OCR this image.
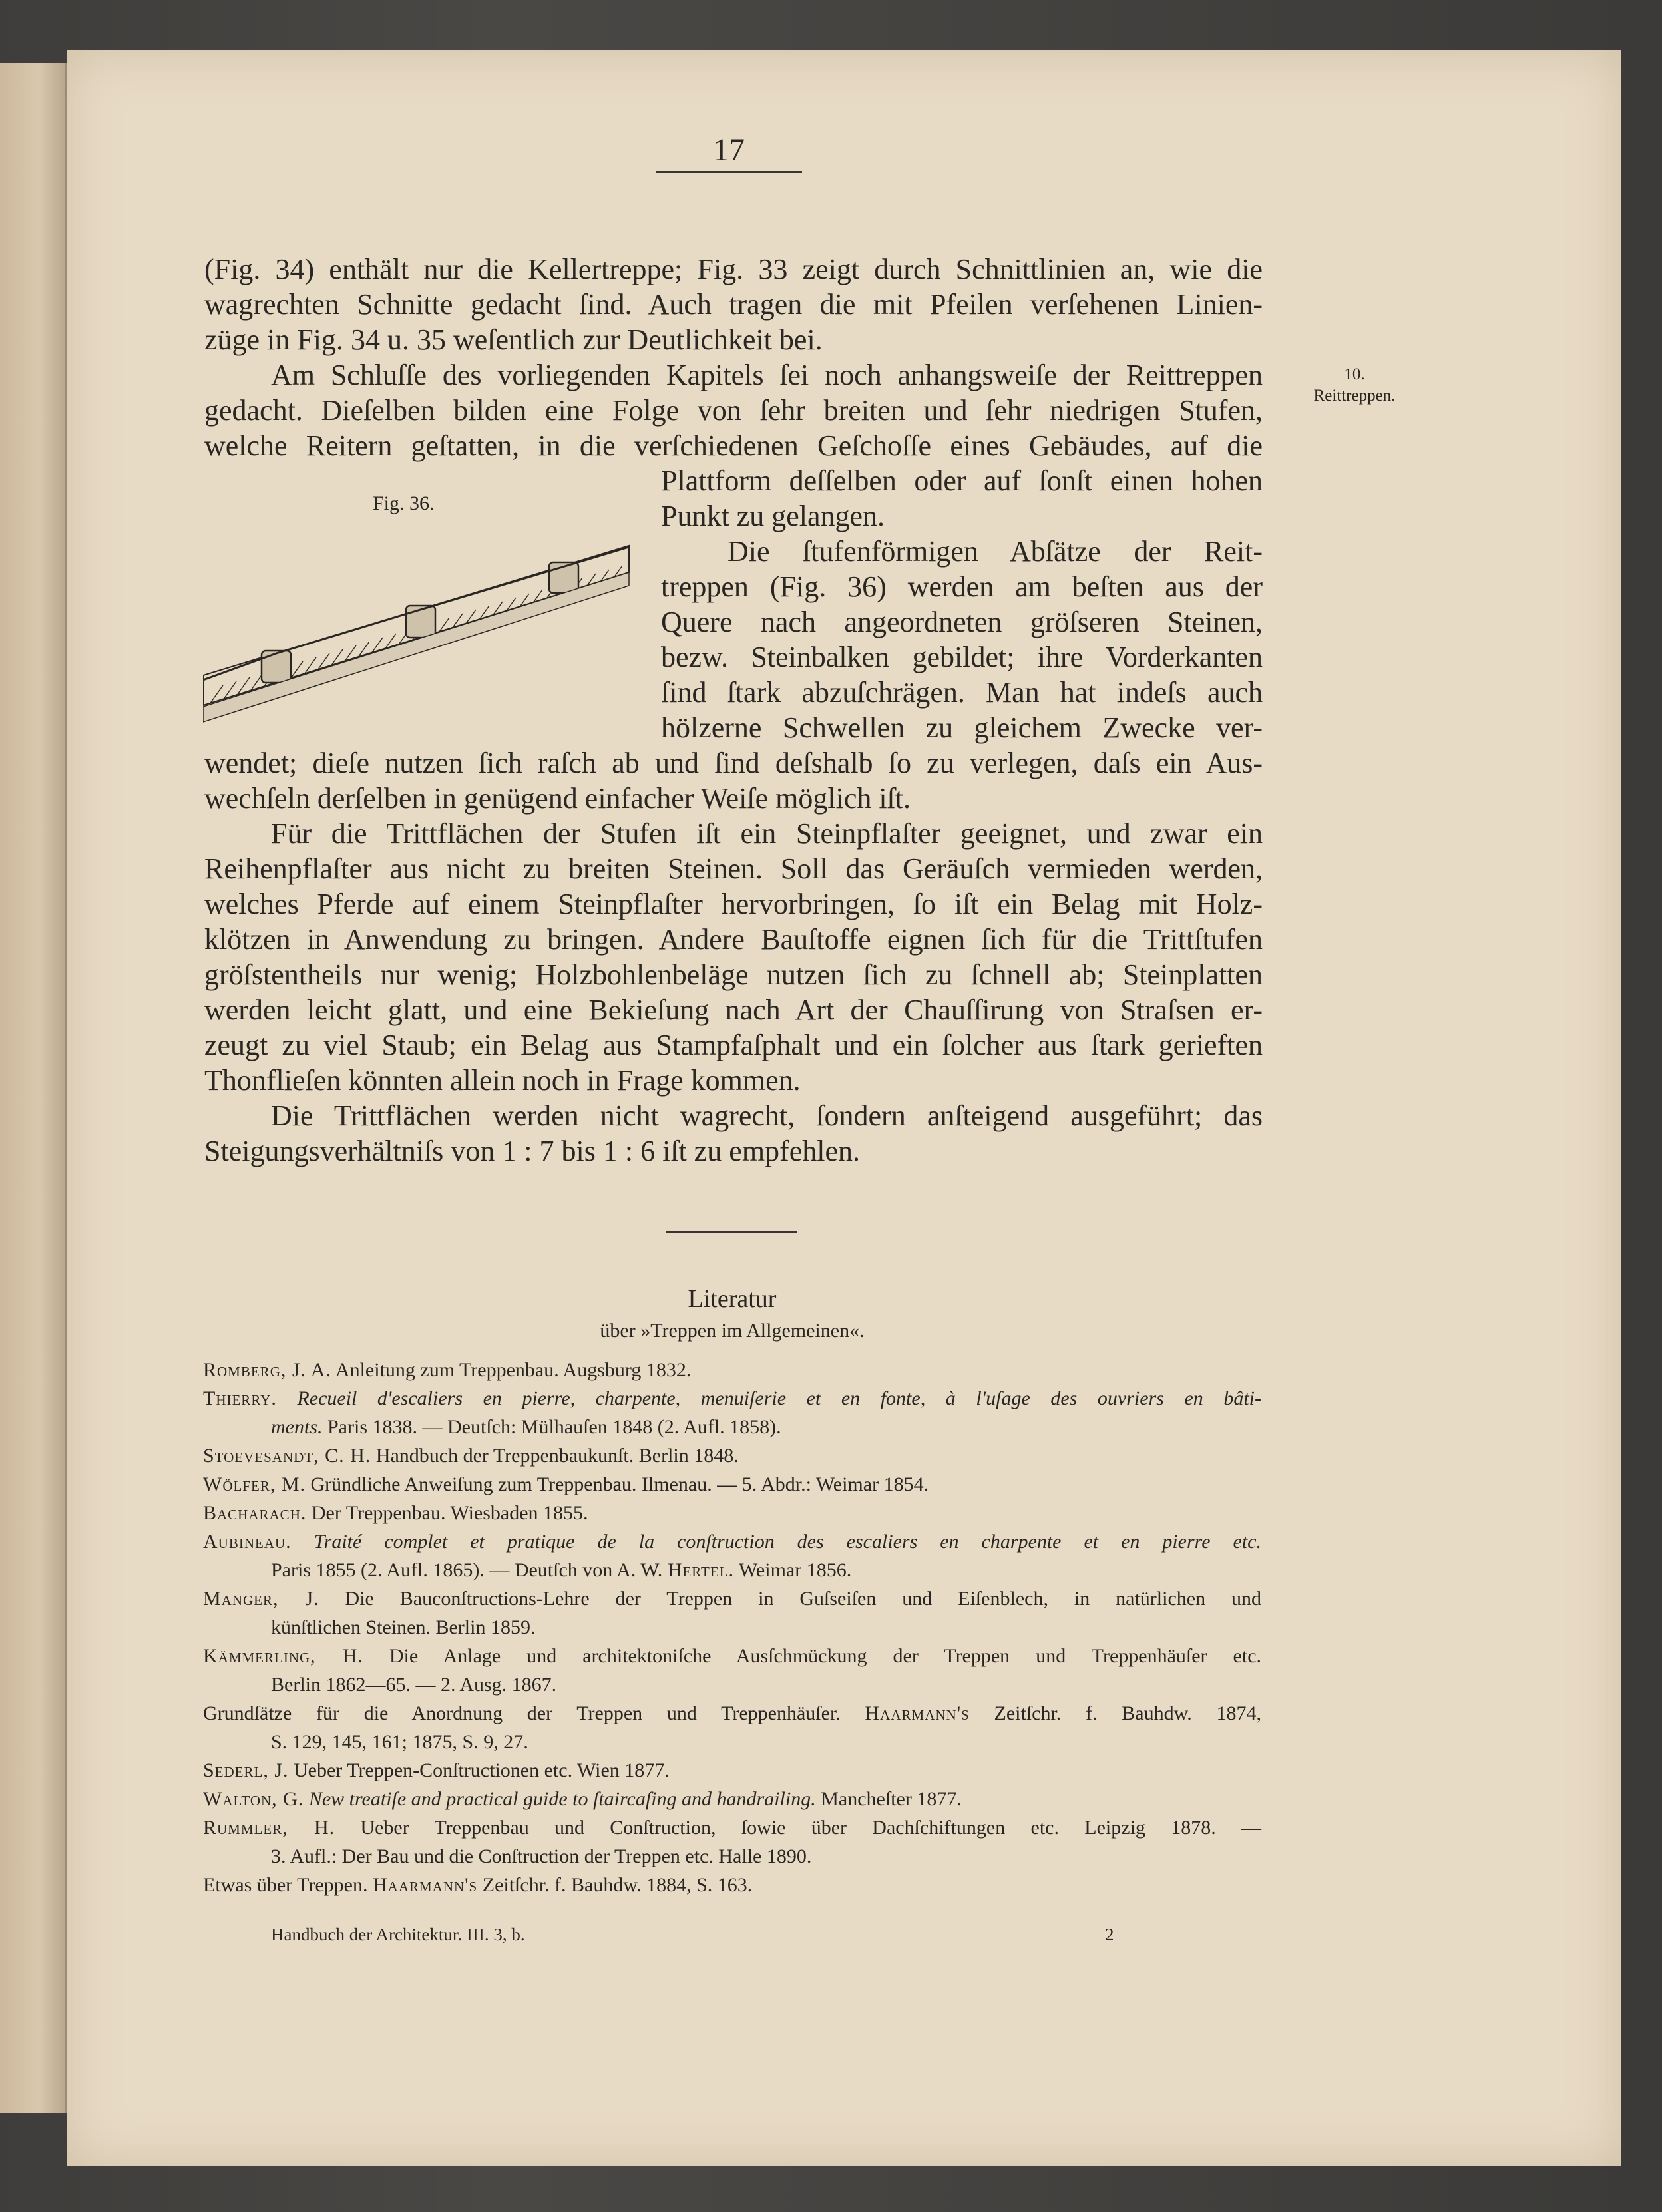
17
10.
Reittreppen.
Fig. 36.
(Fig. 34) enthält nur die Kellertreppe; Fig. 33 zeigt durch Schnittlinien an, wie die
wagrechten Schnitte gedacht ſind. Auch tragen die mit Pfeilen verſehenen Linien-
züge in Fig. 34 u. 35 weſentlich zur Deutlichkeit bei.
Am Schluſſe des vorliegenden Kapitels ſei noch anhangsweiſe der Reittreppen
gedacht. Dieſelben bilden eine Folge von ſehr breiten und ſehr niedrigen Stufen,
welche Reitern geſtatten, in die verſchiedenen Geſchoſſe eines Gebäudes, auf die
Plattform deſſelben oder auf ſonſt einen hohen
Punkt zu gelangen.
Die ſtufenförmigen Abſätze der Reit-
treppen (Fig. 36) werden am beſten aus der
Quere nach angeordneten gröſseren Steinen,
bezw. Steinbalken gebildet; ihre Vorderkanten
ſind ſtark abzuſchrägen. Man hat indeſs auch
hölzerne Schwellen zu gleichem Zwecke ver-
wendet; dieſe nutzen ſich raſch ab und ſind deſshalb ſo zu verlegen, daſs ein Aus-
wechſeln derſelben in genügend einfacher Weiſe möglich iſt.
Für die Trittflächen der Stufen iſt ein Steinpflaſter geeignet, und zwar ein
Reihenpflaſter aus nicht zu breiten Steinen. Soll das Geräuſch vermieden werden,
welches Pferde auf einem Steinpflaſter hervorbringen, ſo iſt ein Belag mit Holz-
klötzen in Anwendung zu bringen. Andere Bauſtoffe eignen ſich für die Trittſtufen
gröſstentheils nur wenig; Holzbohlenbeläge nutzen ſich zu ſchnell ab; Steinplatten
werden leicht glatt, und eine Bekieſung nach Art der Chauſſirung von Straſsen er-
zeugt zu viel Staub; ein Belag aus Stampfaſphalt und ein ſolcher aus ſtark gerieften
Thonflieſen könnten allein noch in Frage kommen.
Die Trittflächen werden nicht wagrecht, ſondern anſteigend ausgeführt; das
Steigungsverhältniſs von 1 : 7 bis 1 : 6 iſt zu empfehlen.
Literatur
über »Treppen im Allgemeinen«.
Romberg, J. A. Anleitung zum Treppenbau. Augsburg 1832.
Thierry. Recueil d'escaliers en pierre, charpente, menuiſerie et en fonte, à l'uſage des ouvriers en bâti-
ments. Paris 1838. — Deutſch: Mülhauſen 1848 (2. Aufl. 1858).
Stoevesandt, C. H. Handbuch der Treppenbaukunſt. Berlin 1848.
Wölfer, M. Gründliche Anweiſung zum Treppenbau. Ilmenau. — 5. Abdr.: Weimar 1854.
Bacharach. Der Treppenbau. Wiesbaden 1855.
Aubineau. Traité complet et pratique de la conſtruction des escaliers en charpente et en pierre etc.
Paris 1855 (2. Aufl. 1865). — Deutſch von A. W. Hertel. Weimar 1856.
Manger, J. Die Bauconſtructions-Lehre der Treppen in Guſseiſen und Eiſenblech, in natürlichen und
künſtlichen Steinen. Berlin 1859.
Kämmerling, H. Die Anlage und architektoniſche Ausſchmückung der Treppen und Treppenhäuſer etc.
Berlin 1862—65. — 2. Ausg. 1867.
Grundſätze für die Anordnung der Treppen und Treppenhäuſer. Haarmann's Zeitſchr. f. Bauhdw. 1874,
S. 129, 145, 161; 1875, S. 9, 27.
Sederl, J. Ueber Treppen-Conſtructionen etc. Wien 1877.
Walton, G. New treatiſe and practical guide to ſtaircaſing and handrailing. Mancheſter 1877.
Rummler, H. Ueber Treppenbau und Conſtruction, ſowie über Dachſchiftungen etc. Leipzig 1878. —
3. Aufl.: Der Bau und die Conſtruction der Treppen etc. Halle 1890.
Etwas über Treppen. Haarmann's Zeitſchr. f. Bauhdw. 1884, S. 163.
Handbuch der Architektur. III. 3, b.	2
